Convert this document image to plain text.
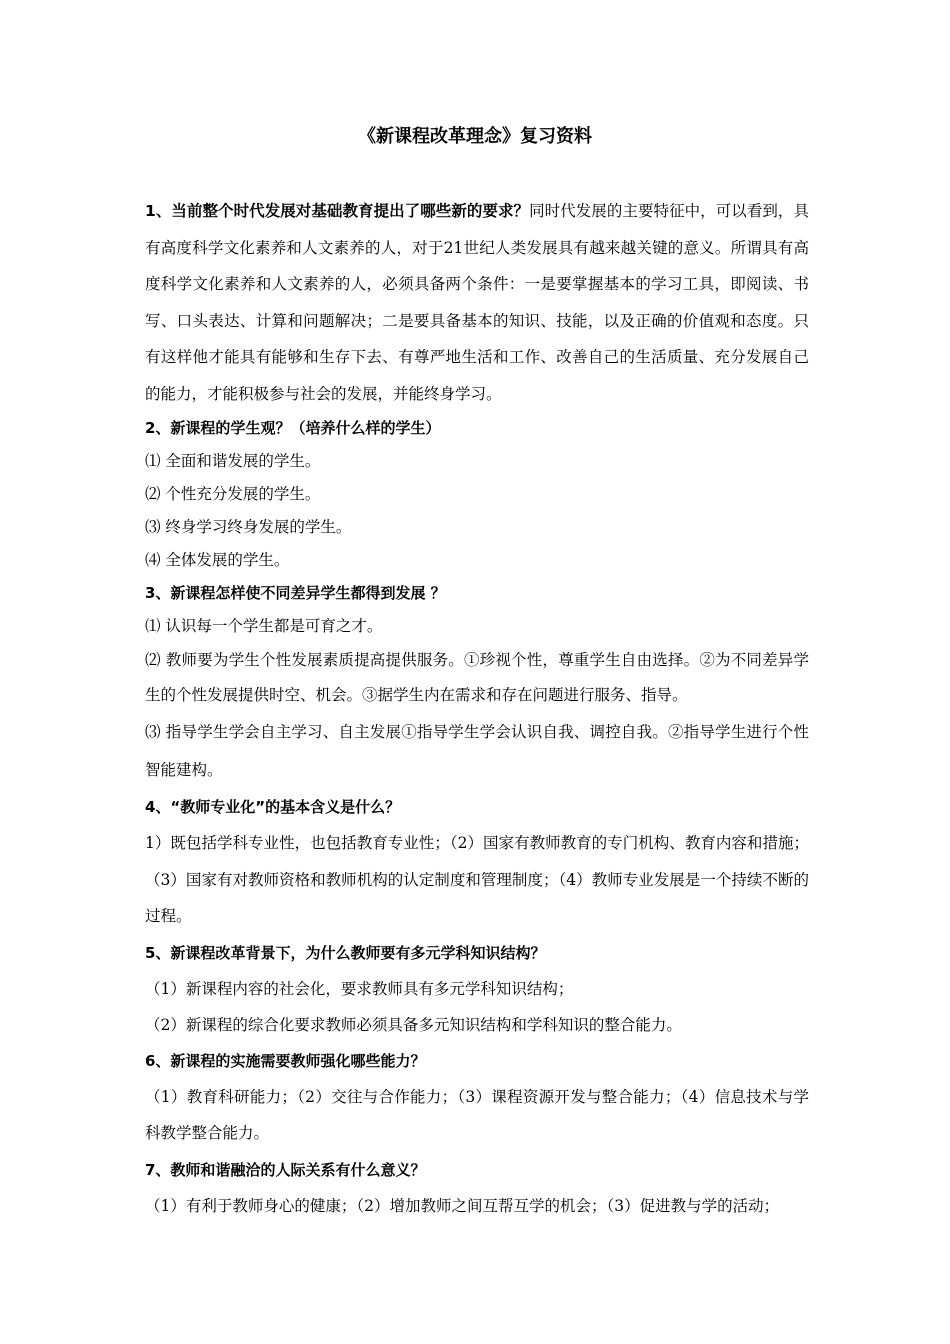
《新课程改革理念》复习资料

1、当前整个时代发展对基础教育提出了哪些新的要求？同时代发展的主要特征中，可以看到，具有高度科学文化素养和人文素养的人，对于21世纪人类发展具有越来越关键的意义。所谓具有高度科学文化素养和人文素养的人，必须具备两个条件：一是要掌握基本的学习工具，即阅读、书写、口头表达、计算和问题解决；二是要具备基本的知识、技能，以及正确的价值观和态度。只有这样他才能具有能够和生存下去、有尊严地生活和工作、改善自己的生活质量、充分发展自己的能力，才能积极参与社会的发展，并能终身学习。

2、新课程的学生观？（培养什么样的学生）

⑴ 全面和谐发展的学生。

⑵ 个性充分发展的学生。

⑶ 终身学习终身发展的学生。

⑷ 全体发展的学生。

3、新课程怎样使不同差异学生都得到发展 ？

⑴ 认识每一个学生都是可育之才。

⑵ 教师要为学生个性发展素质提高提供服务。①珍视个性，尊重学生自由选择。②为不同差异学生的个性发展提供时空、机会。③据学生内在需求和存在问题进行服务、指导。

⑶ 指导学生学会自主学习、自主发展①指导学生学会认识自我、调控自我。②指导学生进行个性智能建构。

4、“教师专业化”的基本含义是什么？

1）既包括学科专业性，也包括教育专业性；（2）国家有教师教育的专门机构、教育内容和措施；（3）国家有对教师资格和教师机构的认定制度和管理制度；（4）教师专业发展是一个持续不断的过程。

5、新课程改革背景下，为什么教师要有多元学科知识结构？

（1）新课程内容的社会化，要求教师具有多元学科知识结构；

（2）新课程的综合化要求教师必须具备多元知识结构和学科知识的整合能力。

6、新课程的实施需要教师强化哪些能力？

（1）教育科研能力；（2）交往与合作能力；（3）课程资源开发与整合能力；（4）信息技术与学科教学整合能力。

7、教师和谐融洽的人际关系有什么意义？

（1）有利于教师身心的健康；（2）增加教师之间互帮互学的机会；（3）促进教与学的活动；
